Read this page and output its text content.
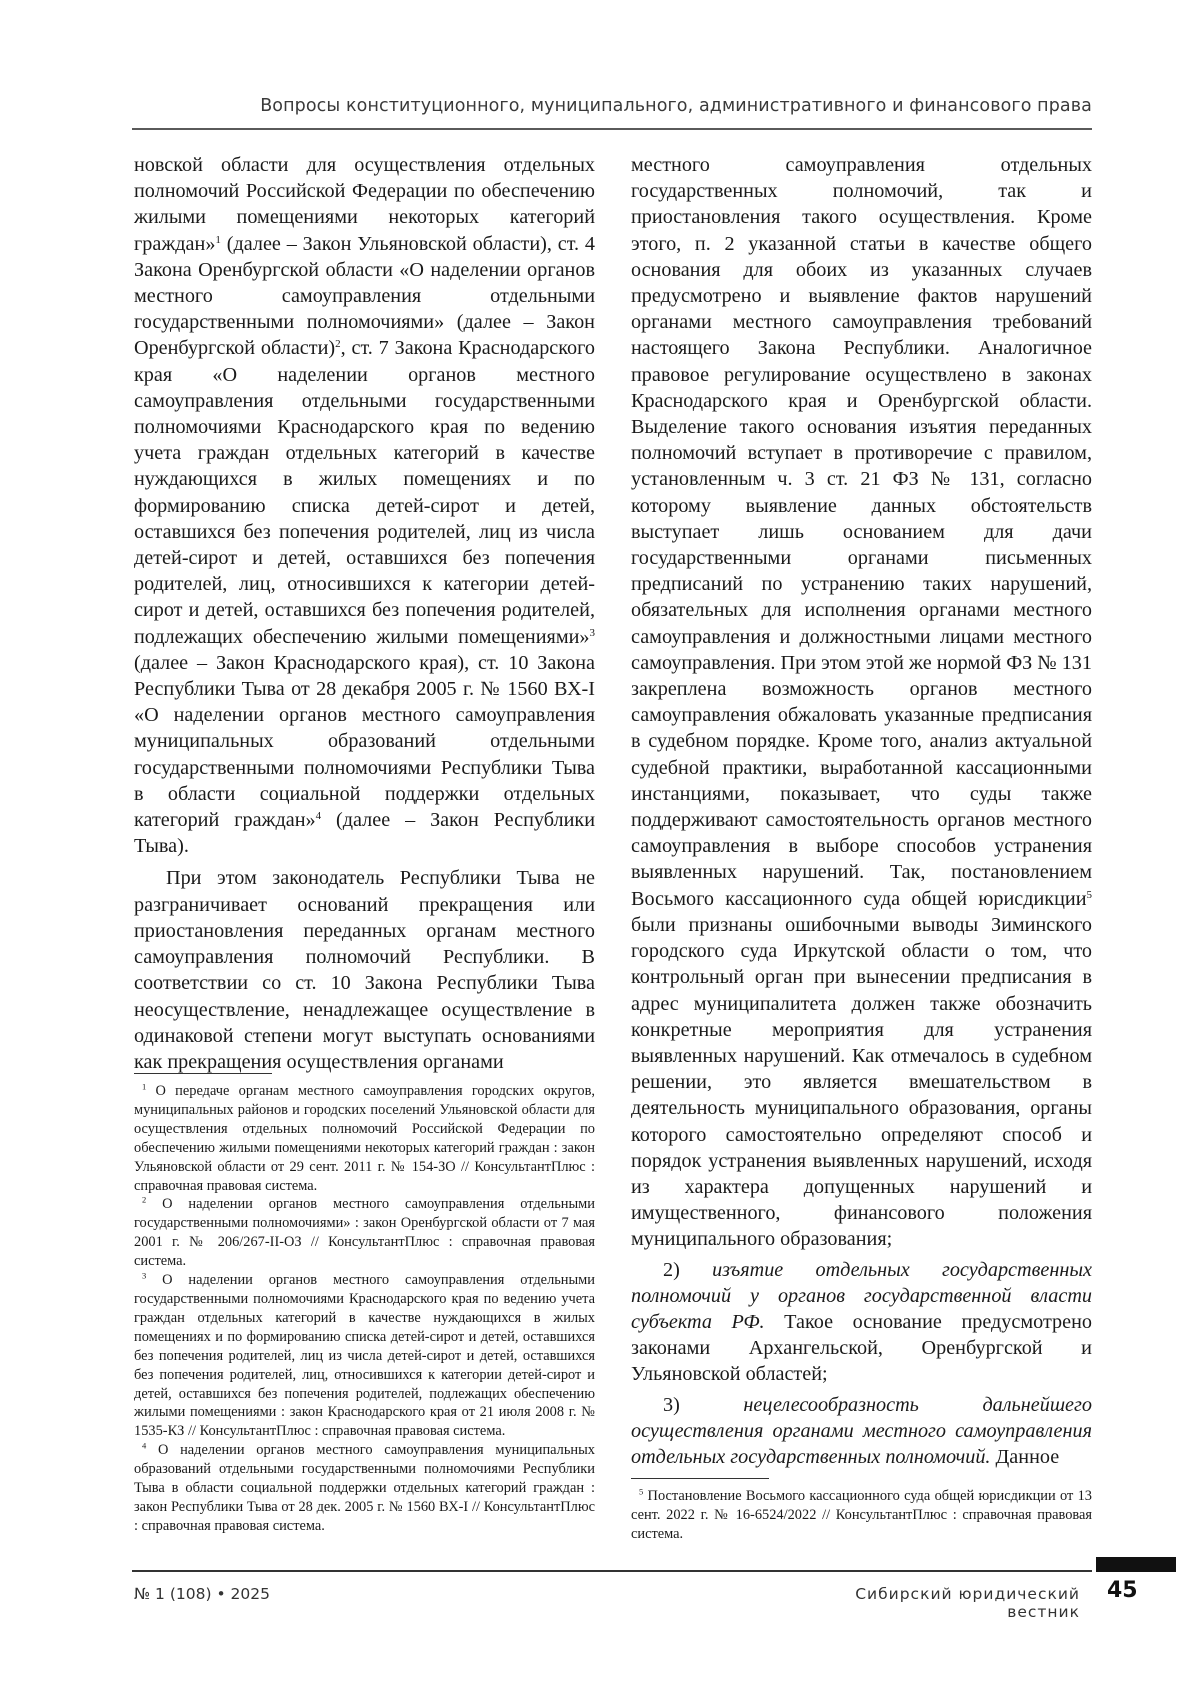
Вопросы конституционного, муниципального, административного и финансового права

новской области для осуществления отдельных полномочий Российской Федерации по обеспечению жилыми помещениями некоторых категорий граждан»$^1$ (далее – Закон Ульяновской области), ст. 4 Закона Оренбургской области «О наделении органов местного самоуправления отдельными государственными полномочиями» (далее – Закон Оренбургской области)$^2$, ст. 7 Закона Краснодарского края «О наделении органов местного самоуправления отдельными государственными полномочиями Краснодарского края по ведению учета граждан отдельных категорий в качестве нуждающихся в жилых помещениях и по формированию списка детей-сирот и детей, оставшихся без попечения родителей, лиц из числа детей-сирот и детей, оставшихся без попечения родителей, лиц, относившихся к категории детей-сирот и детей, оставшихся без попечения родителей, подлежащих обеспечению жилыми помещениями»$^3$ (далее – Закон Краснодарского края), ст. 10 Закона Республики Тыва от 28 декабря 2005 г. № 1560 ВХ-I «О наделении органов местного самоуправления муниципальных образований отдельными государственными полномочиями Республики Тыва в области социальной поддержки отдельных категорий граждан»$^4$ (далее – Закон Республики Тыва).

При этом законодатель Республики Тыва не разграничивает оснований прекращения или приостановления переданных органам местного самоуправления полномочий Республики. В соответствии со ст. 10 Закона Республики Тыва неосуществление, ненадлежащее осуществление в одинаковой степени могут выступать основаниями как прекращения осуществления органами

местного самоуправления отдельных государственных полномочий, так и приостановления такого осуществления. Кроме этого, п. 2 указанной статьи в качестве общего основания для обоих из указанных случаев предусмотрено и выявление фактов нарушений органами местного самоуправления требований настоящего Закона Республики. Аналогичное правовое регулирование осуществлено в законах Краснодарского края и Оренбургской области. Выделение такого основания изъятия переданных полномочий вступает в противоречие с правилом, установленным ч. 3 ст. 21 ФЗ № 131, согласно которому выявление данных обстоятельств выступает лишь основанием для дачи государственными органами письменных предписаний по устранению таких нарушений, обязательных для исполнения органами местного самоуправления и должностными лицами местного самоуправления. При этом этой же нормой ФЗ № 131 закреплена возможность органов местного самоуправления обжаловать указанные предписания в судебном порядке. Кроме того, анализ актуальной судебной практики, выработанной кассационными инстанциями, показывает, что суды также поддерживают самостоятельность органов местного самоуправления в выборе способов устранения выявленных нарушений. Так, постановлением Восьмого кассационного суда общей юрисдикции$^5$ были признаны ошибочными выводы Зиминского городского суда Иркутской области о том, что контрольный орган при вынесении предписания в адрес муниципалитета должен также обозначить конкретные мероприятия для устранения выявленных нарушений. Как отмечалось в судебном решении, это является вмешательством в деятельность муниципального образования, органы которого самостоятельно определяют способ и порядок устранения выявленных нарушений, исходя из характера допущенных нарушений и имущественного, финансового положения муниципального образования;

2) изъятие отдельных государственных полномочий у органов государственной власти субъекта РФ. Такое основание предусмотрено законами Архангельской, Оренбургской и Ульяновской областей;

3) нецелесообразность дальнейшего осуществления органами местного самоуправления отдельных государственных полномочий. Данное

$^1$ О передаче органам местного самоуправления городских округов, муниципальных районов и городских поселений Ульяновской области для осуществления отдельных полномочий Российской Федерации по обеспечению жилыми помещениями некоторых категорий граждан : закон Ульяновской области от 29 сент. 2011 г. № 154-ЗО // КонсультантПлюс : справочная правовая система.

$^2$ О наделении органов местного самоуправления отдельными государственными полномочиями» : закон Оренбургской области от 7 мая 2001 г. № 206/267-II-ОЗ // КонсультантПлюс : справочная правовая система.

$^3$ О наделении органов местного самоуправления отдельными государственными полномочиями Краснодарского края по ведению учета граждан отдельных категорий в качестве нуждающихся в жилых помещениях и по формированию списка детей-сирот и детей, оставшихся без попечения родителей, лиц из числа детей-сирот и детей, оставшихся без попечения родителей, лиц, относившихся к категории детей-сирот и детей, оставшихся без попечения родителей, подлежащих обеспечению жилыми помещениями : закон Краснодарского края от 21 июля 2008 г. № 1535-КЗ // КонсультантПлюс : справочная правовая система.

$^4$ О наделении органов местного самоуправления муниципальных образований отдельными государственными полномочиями Республики Тыва в области социальной поддержки отдельных категорий граждан : закон Республики Тыва от 28 дек. 2005 г. № 1560 ВХ-I // КонсультантПлюс : справочная правовая система.

$^5$ Постановление Восьмого кассационного суда общей юрисдикции от 13 сент. 2022 г. № 16-6524/2022 // КонсультантПлюс : справочная правовая система.

№ 1 (108) • 2025	Сибирский юридический вестник
45
